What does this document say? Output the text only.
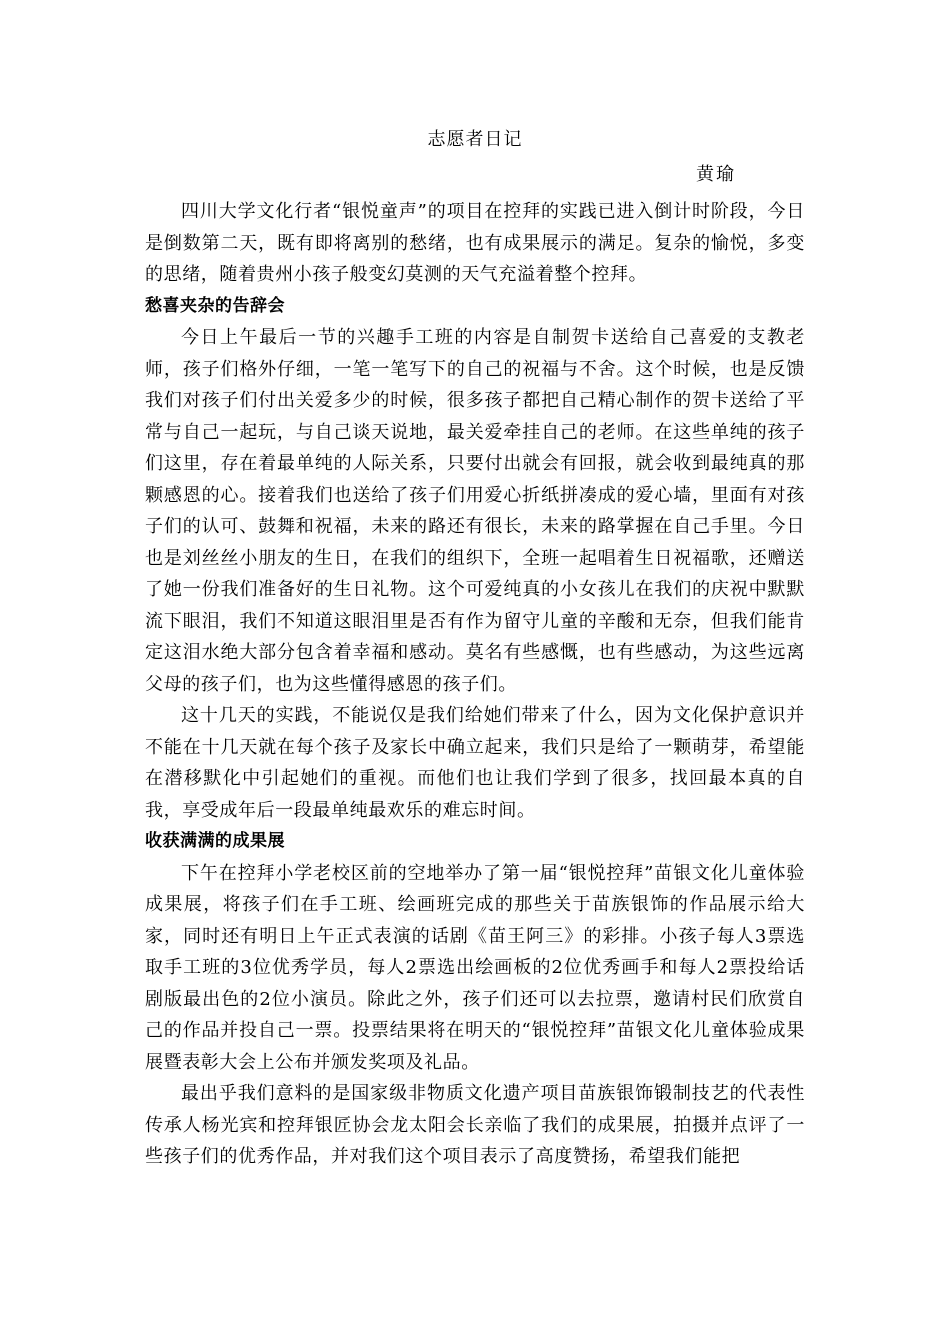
志愿者日记
黄瑜

四川大学文化行者“银悦童声”的项目在控拜的实践已进入倒计时阶段，今日是倒数第二天，既有即将离别的愁绪，也有成果展示的满足。复杂的愉悦，多变的思绪，随着贵州小孩子般变幻莫测的天气充溢着整个控拜。

愁喜夹杂的告辞会

今日上午最后一节的兴趣手工班的内容是自制贺卡送给自己喜爱的支教老师，孩子们格外仔细，一笔一笔写下的自己的祝福与不舍。这个时候，也是反馈我们对孩子们付出关爱多少的时候，很多孩子都把自己精心制作的贺卡送给了平常与自己一起玩，与自己谈天说地，最关爱牵挂自己的老师。在这些单纯的孩子们这里，存在着最单纯的人际关系，只要付出就会有回报，就会收到最纯真的那颗感恩的心。接着我们也送给了孩子们用爱心折纸拼凑成的爱心墙，里面有对孩子们的认可、鼓舞和祝福，未来的路还有很长，未来的路掌握在自己手里。今日也是刘丝丝小朋友的生日，在我们的组织下，全班一起唱着生日祝福歌，还赠送了她一份我们准备好的生日礼物。这个可爱纯真的小女孩儿在我们的庆祝中默默流下眼泪，我们不知道这眼泪里是否有作为留守儿童的辛酸和无奈，但我们能肯定这泪水绝大部分包含着幸福和感动。莫名有些感慨，也有些感动，为这些远离父母的孩子们，也为这些懂得感恩的孩子们。

这十几天的实践，不能说仅是我们给她们带来了什么，因为文化保护意识并不能在十几天就在每个孩子及家长中确立起来，我们只是给了一颗萌芽，希望能在潜移默化中引起她们的重视。而他们也让我们学到了很多，找回最本真的自我，享受成年后一段最单纯最欢乐的难忘时间。

收获满满的成果展

下午在控拜小学老校区前的空地举办了第一届“银悦控拜”苗银文化儿童体验成果展，将孩子们在手工班、绘画班完成的那些关于苗族银饰的作品展示给大家，同时还有明日上午正式表演的话剧《苗王阿三》的彩排。小孩子每人3票选取手工班的3位优秀学员，每人2票选出绘画板的2位优秀画手和每人2票投给话剧版最出色的2位小演员。除此之外，孩子们还可以去拉票，邀请村民们欣赏自己的作品并投自己一票。投票结果将在明天的“银悦控拜”苗银文化儿童体验成果展暨表彰大会上公布并颁发奖项及礼品。

最出乎我们意料的是国家级非物质文化遗产项目苗族银饰锻制技艺的代表性传承人杨光宾和控拜银匠协会龙太阳会长亲临了我们的成果展，拍摄并点评了一些孩子们的优秀作品，并对我们这个项目表示了高度赞扬，希望我们能把
